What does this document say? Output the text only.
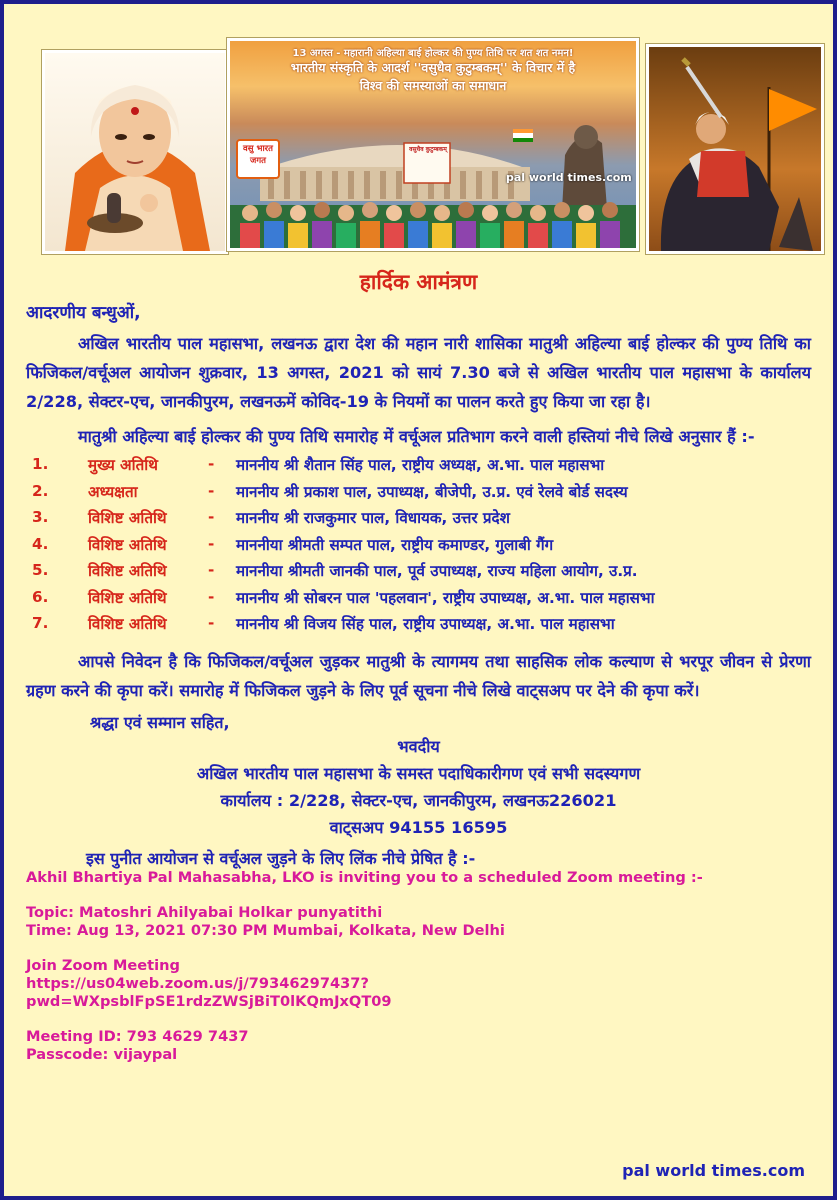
13 अगस्त - महारानी अहिल्या बाई होल्कर की पुण्य तिथि पर शत शत नमन!
भारतीय संस्कृति के आदर्श ''वसुधैव कुटुम्बकम्'' के विचार में है
विश्व की समस्याओं का समाधान
वसुधैव कुटुम्बकम्
वसु भारत जगत
pal world times.com
हार्दिक आमंत्रण
आदरणीय बन्धुओं,
अखिल भारतीय पाल महासभा, लखनऊ द्वारा देश की महान नारी शासिका मातुश्री अहिल्या बाई होल्कर की पुण्य तिथि का फिजिकल/वर्चूअल आयोजन शुक्रवार, 13 अगस्त, 2021 को सायं 7.30 बजे से अखिल भारतीय पाल महासभा के कार्यालय 2/228, सेक्टर-एच, जानकीपुरम, लखनऊमें कोविद-19 के नियमों का पालन करते हुए किया जा रहा है।
मातुश्री अहिल्या बाई होल्कर की पुण्य तिथि समारोह में वर्चूअल प्रतिभाग करने वाली हस्तियां नीचे लिखे अनुसार हैं :-
1.	मुख्य अतिथि	- माननीय श्री शैतान सिंह पाल, राष्ट्रीय अध्यक्ष, अ.भा. पाल महासभा
2.	अध्यक्षता	- माननीय श्री प्रकाश पाल, उपाध्यक्ष, बीजेपी, उ.प्र. एवं रेलवे बोर्ड सदस्य
3.	विशिष्ट अतिथि	- माननीय श्री राजकुमार पाल, विधायक, उत्तर प्रदेश
4.	विशिष्ट अतिथि	- माननीया श्रीमती सम्पत पाल, राष्ट्रीय कमाण्डर, गुलाबी गैंग
5.	विशिष्ट अतिथि	- माननीया श्रीमती जानकी पाल, पूर्व उपाध्यक्ष, राज्य महिला आयोग, उ.प्र.
6.	विशिष्ट अतिथि	- माननीय श्री सोबरन पाल 'पहलवान', राष्ट्रीय उपाध्यक्ष, अ.भा. पाल महासभा
7.	विशिष्ट अतिथि	- माननीय श्री विजय सिंह पाल, राष्ट्रीय उपाध्यक्ष, अ.भा. पाल महासभा
आपसे निवेदन है कि फिजिकल/वर्चूअल जुड़कर मातुश्री के त्यागमय तथा साहसिक लोक कल्याण से भरपूर जीवन से प्रेरणा ग्रहण करने की कृपा करें। समारोह में फिजिकल जुड़ने के लिए पूर्व सूचना नीचे लिखे वाट्सअप पर देने की कृपा करें।
श्रद्धा एवं सम्मान सहित,
भवदीय
अखिल भारतीय पाल महासभा के समस्त पदाधिकारीगण एवं सभी सदस्यगण
कार्यालय : 2/228, सेक्टर-एच, जानकीपुरम, लखनऊ226021
वाट्सअप 94155 16595
इस पुनीत आयोजन से वर्चूअल जुड़ने के लिए लिंक नीचे प्रेषित है :-
Akhil Bhartiya Pal Mahasabha, LKO is inviting you to a scheduled Zoom meeting :-
Topic: Matoshri Ahilyabai Holkar punyatithi
Time: Aug 13, 2021 07:30 PM Mumbai, Kolkata, New Delhi
Join Zoom Meeting
https://us04web.zoom.us/j/79346297437?
pwd=WXpsblFpSE1rdzZWSjBiT0lKQmJxQT09
Meeting ID: 793 4629 7437
Passcode: vijaypal
pal world times.com
